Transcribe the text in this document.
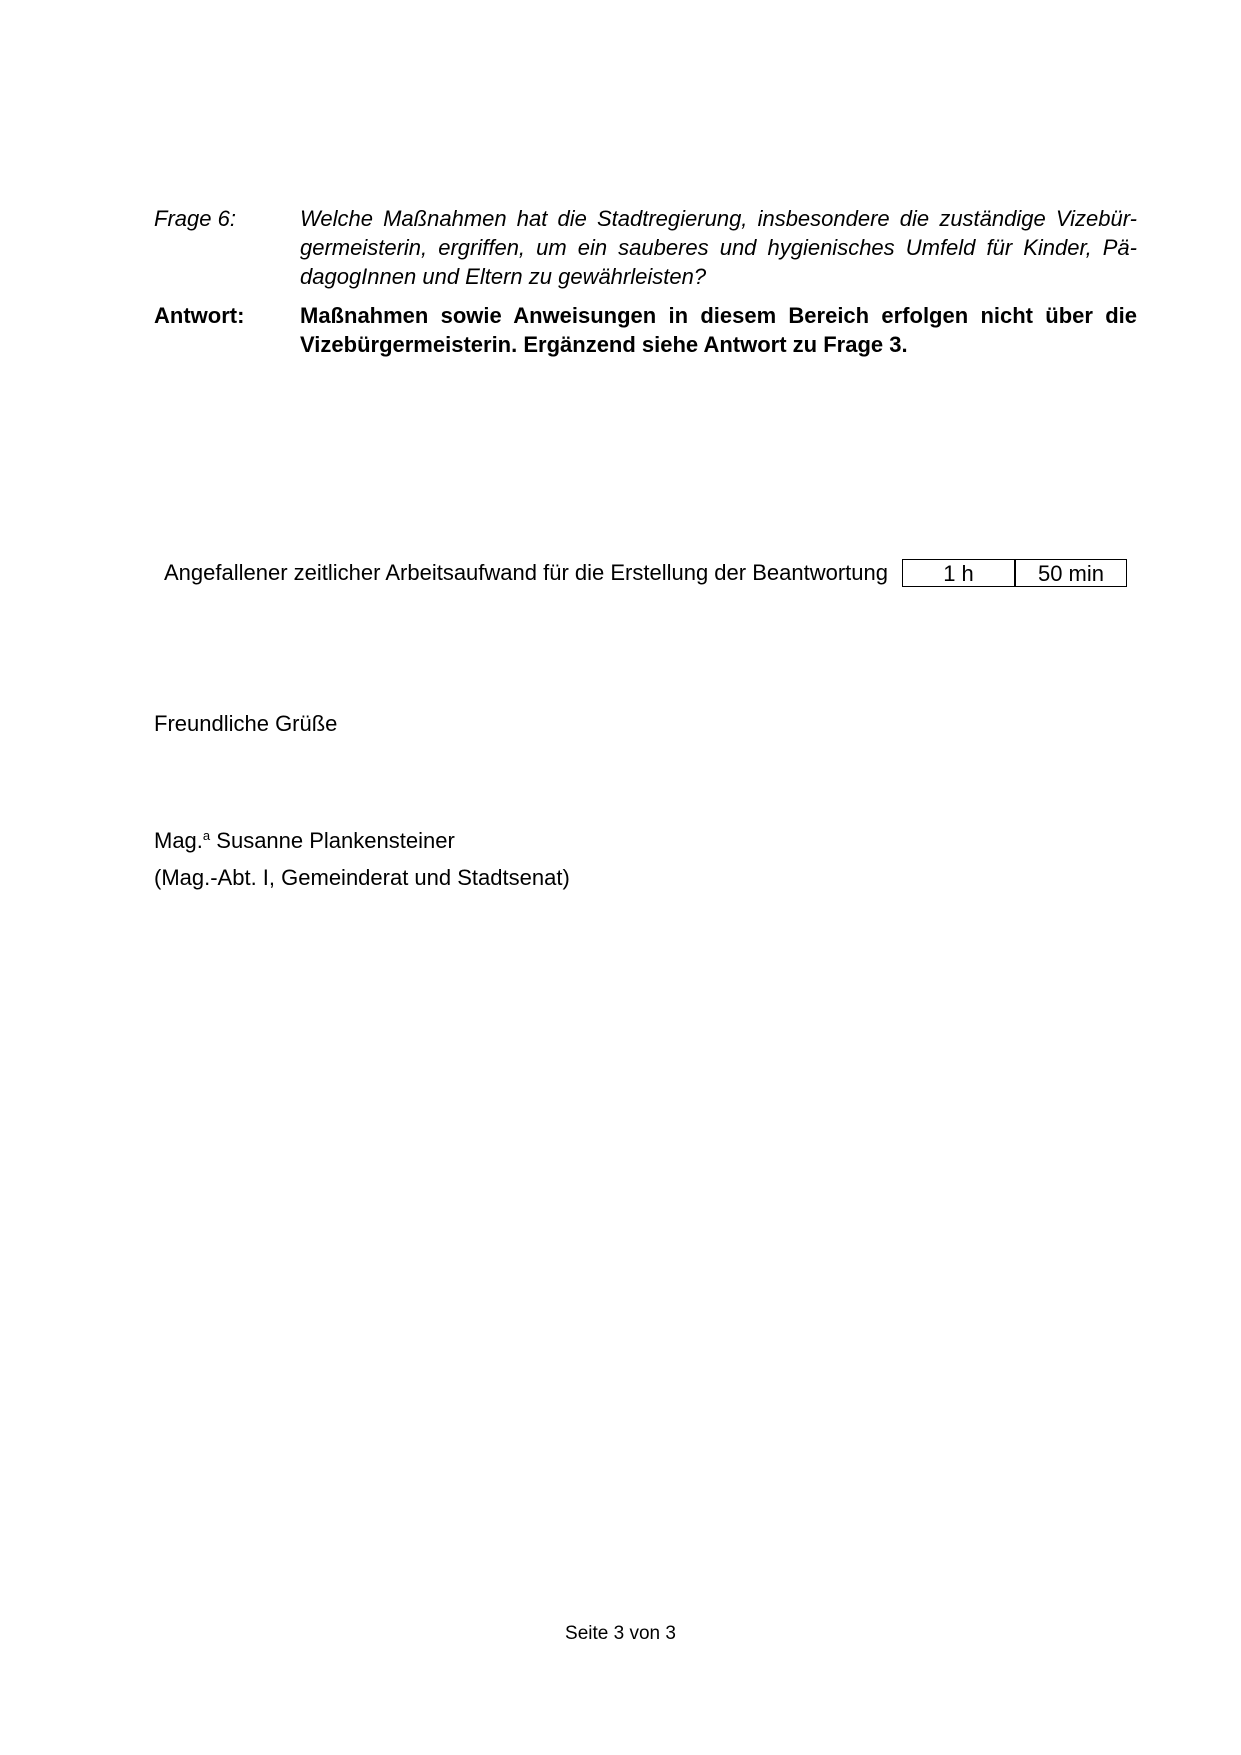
Frage 6:	Welche Maßnahmen hat die Stadtregierung, insbesondere die zuständige Vizebür-
germeisterin, ergriffen, um ein sauberes und hygienisches Umfeld für Kinder, Pä-
dagogInnen und Eltern zu gewährleisten?
Antwort:	Maßnahmen sowie Anweisungen in diesem Bereich erfolgen nicht über die
Vizebürgermeisterin. Ergänzend siehe Antwort zu Frage 3.
Angefallener zeitlicher Arbeitsaufwand für die Erstellung der Beantwortung	1 h	50 min
Freundliche Grüße
Mag.$^a$ Susanne Plankensteiner
(Mag.-Abt. I, Gemeinderat und Stadtsenat)
Seite 3 von 3
